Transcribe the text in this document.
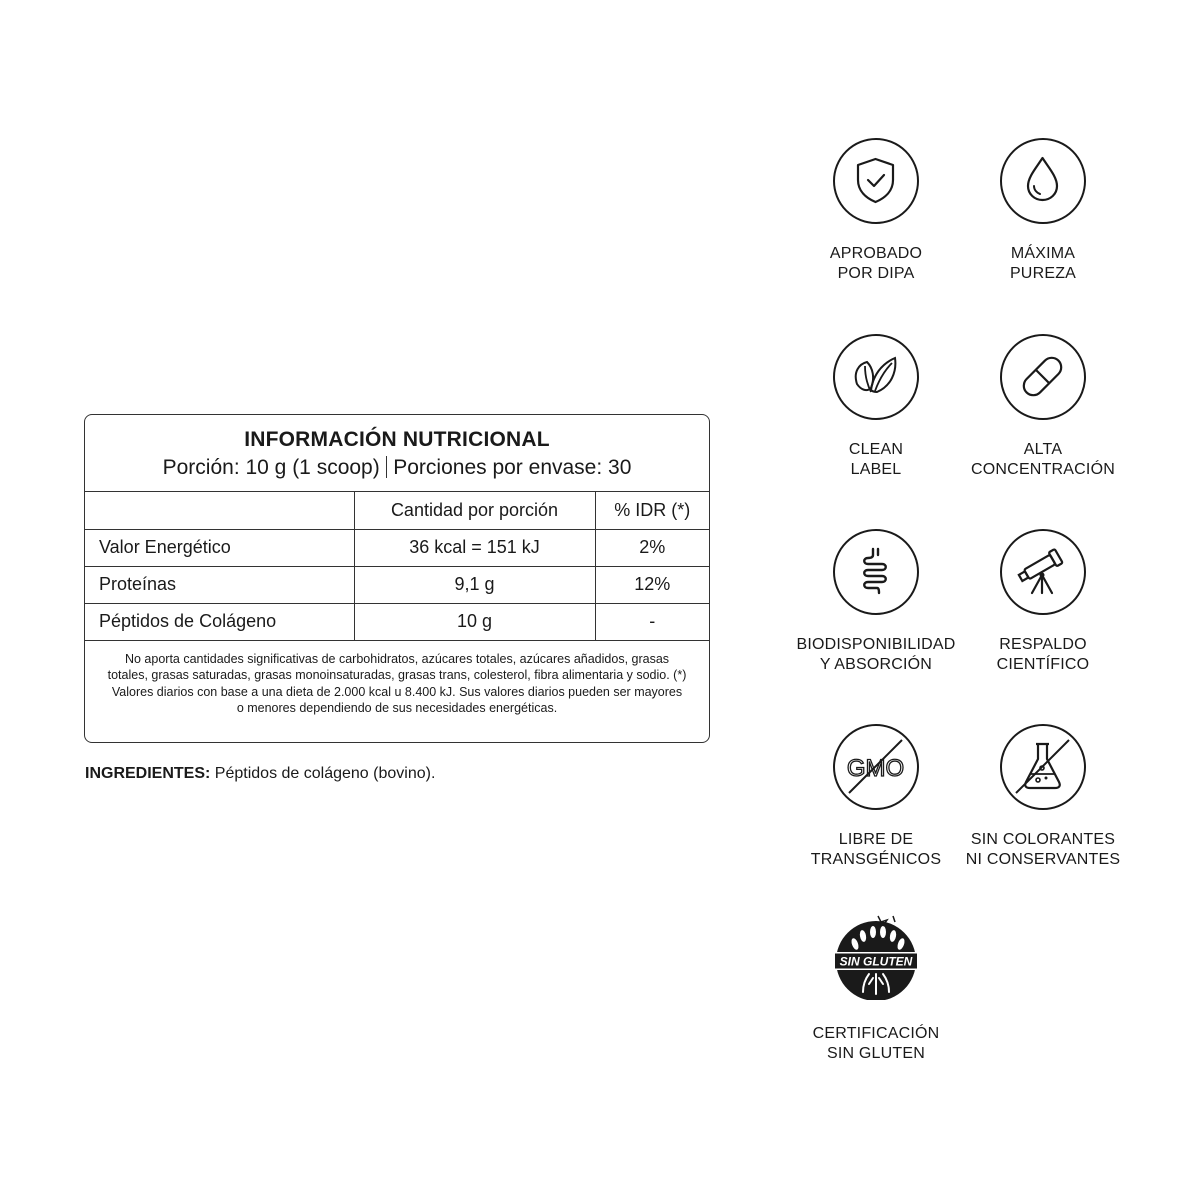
INFORMACIÓN NUTRICIONAL
Porción: 10 g (1 scoop) Porciones por envase: 30
	Cantidad por porción	% IDR (*)
Valor Energético	36 kcal = 151 kJ	2%
Proteínas	9,1 g	12%
Péptidos de Colágeno	10 g	-
No aporta cantidades significativas de carbohidratos, azúcares totales, azúcares añadidos, grasas totales, grasas saturadas, grasas monoinsaturadas, grasas trans, colesterol, fibra alimentaria y sodio. (*) Valores diarios con base a una dieta de 2.000 kcal u 8.400 kJ. Sus valores diarios pueden ser mayores o menores dependiendo de sus necesidades energéticas.
INGREDIENTES: Péptidos de colágeno (bovino).
APROBADO
POR DIPA
MÁXIMA
PUREZA
CLEAN
LABEL
ALTA
CONCENTRACIÓN
BIODISPONIBILIDAD
Y ABSORCIÓN
RESPALDO
CIENTÍFICO
GMO
LIBRE DE
TRANSGÉNICOS
SIN COLORANTES
NI CONSERVANTES
SIN GLUTEN
CERTIFICACIÓN
SIN GLUTEN
